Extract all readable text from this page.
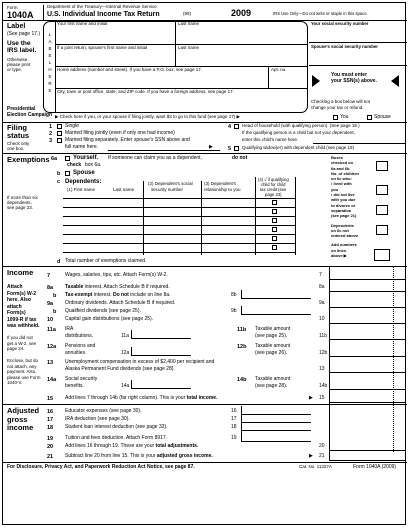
Form
1040A
Department of the Treasury—Internal Revenue Service
U.S. Individual Income Tax Return	(99)	2009	IRS Use Only—Do not write or staple in this space.
Label
(See page 17.)
Use the
IRS label.
Otherwise,
please print
or type.
L
A
B
E
L
H
E
R
E
Your first name and initial	Last name
If a joint return, spouse's first name and initial	Last name
Home address (number and street). If you have a P.O. box, see page 17.	Apt. no.
City, town or post office, state, and ZIP code. If you have a foreign address, see page 17.
Your social security number
Spouse's social security number
You must enter
your SSN(s) above.
Checking a box below will not
change your tax or refund.
Presidential
Election Campaign ▶ Check here if you, or your spouse if filing jointly, want $3 to go to this fund (see page 17) ▶	You	Spouse
Filing
status
Check only
one box.
1	Single
2	Married filing jointly (even if only one had income)
3	Married filing separately. Enter spouse's SSN above and
full name here.	▶
4 Head of household (with qualifying person). (See page 18.)
If the qualifying person is a child but not your dependent,
enter this child's name here.
5 Qualifying widow(er) with dependent child (see page 19)
Exemptions 6a	Yourself. If someone can claim you as a dependent,	do not
check box 6a.
b Spouse
c Dependents:
(1) First name	Last name
(2) Dependent's social
security number
(3) Dependent's
relationship to you
(4) √ if qualifying
child for child
tax credit (see
page 23)
If more than six
dependents,
see page 23.
Boxes
checked on
6a and 6b
No. of children
on 6c who:
• lived with
you
• did not live
with you due
to divorce or
separation
(see page 21)
Dependents
on 6c not
entered above
Add numbers
on lines
above ▶
d Total number of exemptions claimed.
Income
Attach
Form(s) W-2
here. Also
attach
Form(s)
1099-R if tax
was withheld.
If you did not
get a W-2, see
page 24.
Enclose, but do
not attach, any
payment. Also,
please use Form
1040-V.
7	Wages, salaries, tips, etc. Attach Form(s) W-2.	7
8a Taxable interest. Attach Schedule B if required.	8a
b Tax-exempt interest. Do not include on line 8a.	8b
9a Ordinary dividends. Attach Schedule B if required.	9a
b Qualified dividends (see page 25).	9b
10 Capital gain distributions (see page 25).	10
11a IRA
distributions.	11a
11b Taxable amount
(see page 25).	11b
12a Pensions and
annuities.	12a
12b Taxable amount
(see page 26).	12b
13 Unemployment compensation in excess of $2,400 per recipient and
Alaska Permanent Fund dividends (see page 28).	13
14a Social security
benefits.	14a
14b Taxable amount
(see page 28).	14b
15 Add lines 7 through 14b (far right column). This is your total income.	▶ 15
Adjusted
gross
income
16 Educator expenses (see page 30).	16
17 IRA deduction (see page 30).	17
18 Student loan interest deduction (see page 32).	18
19 Tuition and fees deduction. Attach Form 8917.	19
20 Add lines 16 through 19. These are your total adjustments.	20
21 Subtract line 20 from line 15. This is your adjusted gross income.	▶ 21
For Disclosure, Privacy Act, and Paperwork Reduction Act Notice, see page 87.	Cat. No. 11327A	Form 1040A (2009)
